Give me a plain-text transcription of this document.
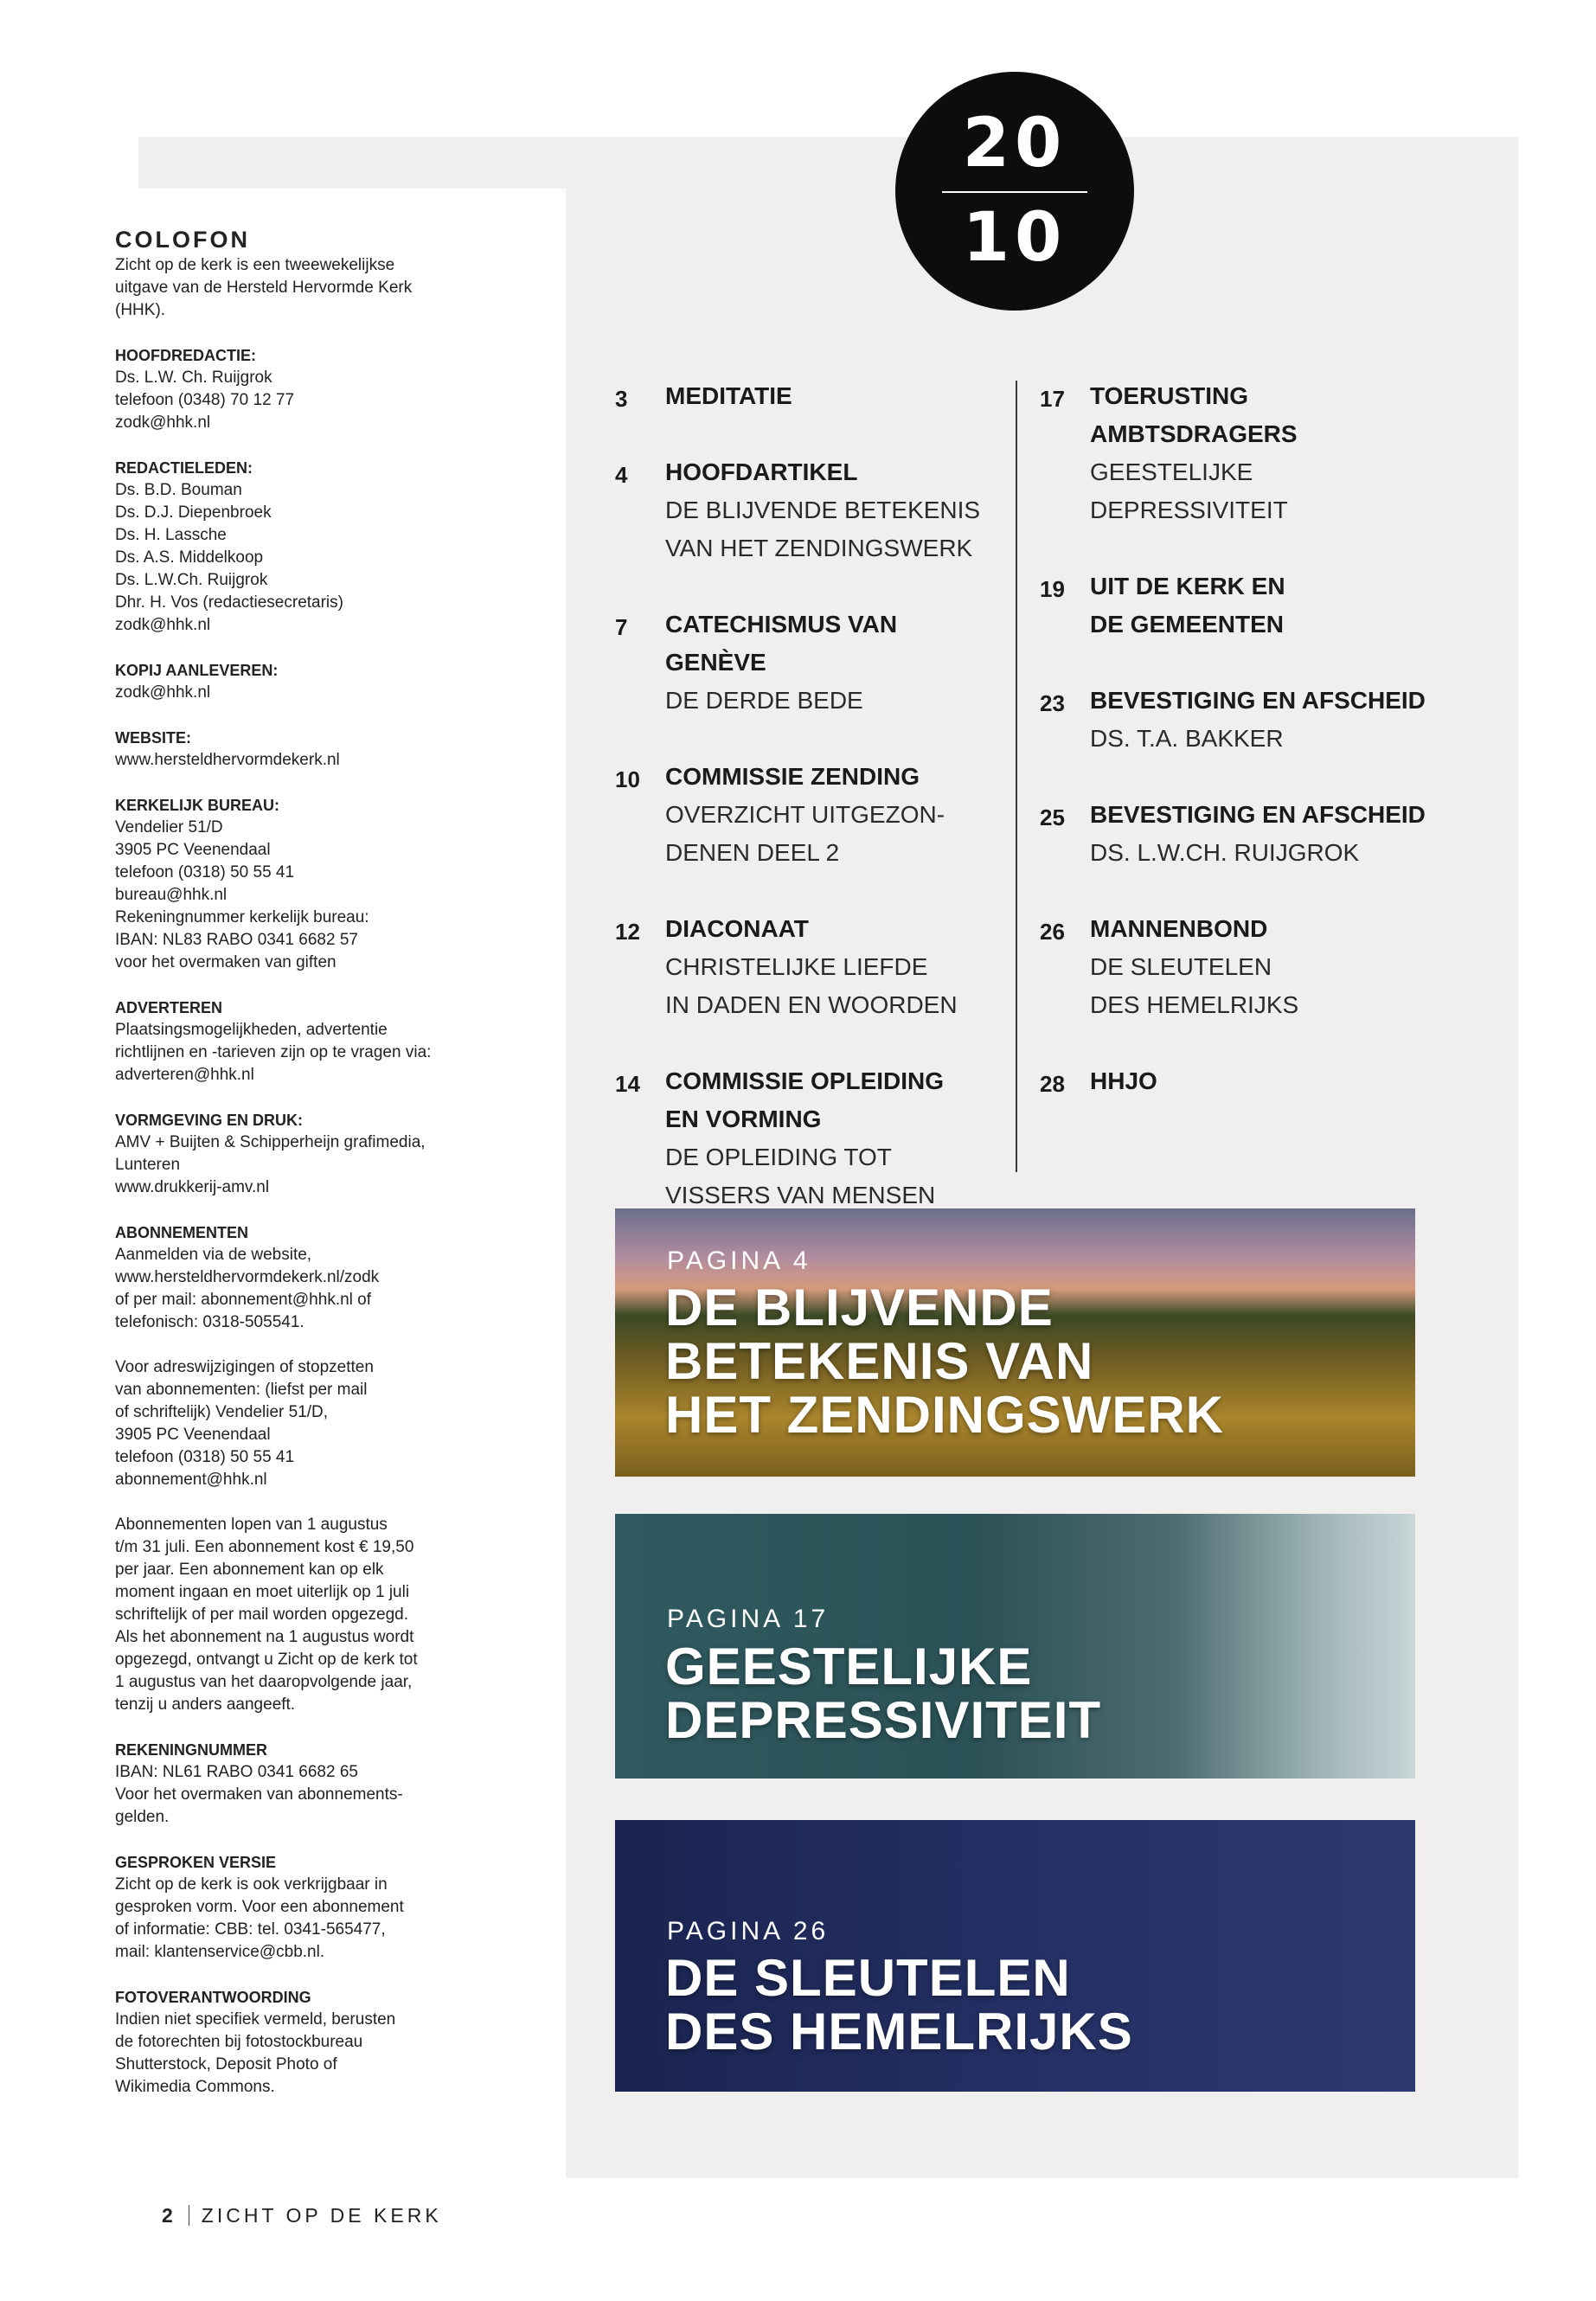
20
10
COLOFON
Zicht op de kerk is een tweewekelijkse
uitgave van de Hersteld Hervormde Kerk
(HHK).
HOOFDREDACTIE:
Ds. L.W. Ch. Ruijgrok
telefoon (0348) 70 12 77
zodk@hhk.nl
REDACTIELEDEN:
Ds. B.D. Bouman
Ds. D.J. Diepenbroek
Ds. H. Lassche
Ds. A.S. Middelkoop
Ds. L.W.Ch. Ruijgrok
Dhr. H. Vos (redactiesecretaris)
zodk@hhk.nl
KOPIJ AANLEVEREN:
zodk@hhk.nl
WEBSITE:
www.hersteldhervormdekerk.nl
KERKELIJK BUREAU:
Vendelier 51/D
3905 PC Veenendaal
telefoon (0318) 50 55 41
bureau@hhk.nl
Rekeningnummer kerkelijk bureau:
IBAN: NL83 RABO 0341 6682 57
voor het overmaken van giften
ADVERTEREN
Plaatsingsmogelijkheden, advertentie
richtlijnen en -tarieven zijn op te vragen via:
adverteren@hhk.nl
VORMGEVING EN DRUK:
AMV + Buijten & Schipperheijn grafimedia,
Lunteren
www.drukkerij-amv.nl
ABONNEMENTEN
Aanmelden via de website,
www.hersteldhervormdekerk.nl/zodk
of per mail: abonnement@hhk.nl of
telefonisch: 0318-505541.
Voor adreswijzigingen of stopzetten
van abonnementen: (liefst per mail
of schriftelijk) Vendelier 51/D,
3905 PC Veenendaal
telefoon (0318) 50 55 41
abonnement@hhk.nl
Abonnementen lopen van 1 augustus
t/m 31 juli. Een abonnement kost € 19,50
per jaar. Een abonnement kan op elk
moment ingaan en moet uiterlijk op 1 juli
schriftelijk of per mail worden opgezegd.
Als het abonnement na 1 augustus wordt
opgezegd, ontvangt u Zicht op de kerk tot
1 augustus van het daaropvolgende jaar,
tenzij u anders aangeeft.
REKENINGNUMMER
IBAN: NL61 RABO 0341 6682 65
Voor het overmaken van abonnements-
gelden.
GESPROKEN VERSIE
Zicht op de kerk is ook verkrijgbaar in
gesproken vorm. Voor een abonnement
of informatie: CBB: tel. 0341-565477,
mail: klantenservice@cbb.nl.
FOTOVERANTWOORDING
Indien niet specifiek vermeld, berusten
de fotorechten bij fotostockbureau
Shutterstock, Deposit Photo of
Wikimedia Commons.
3 MEDITATIE
4 HOOFDARTIKEL
DE BLIJVENDE BETEKENIS
VAN HET ZENDINGSWERK
7 CATECHISMUS VAN GENÈVE
DE DERDE BEDE
10 COMMISSIE ZENDING
OVERZICHT UITGEZON-
DENEN DEEL 2
12 DIACONAAT
CHRISTELIJKE LIEFDE
IN DADEN EN WOORDEN
14 COMMISSIE OPLEIDING
EN VORMING
DE OPLEIDING TOT
VISSERS VAN MENSEN
17 TOERUSTING
AMBTSDRAGERS
GEESTELIJKE
DEPRESSIVITEIT
19 UIT DE KERK EN
DE GEMEENTEN
23 BEVESTIGING EN AFSCHEID
DS. T.A. BAKKER
25 BEVESTIGING EN AFSCHEID
DS. L.W.CH. RUIJGROK
26 MANNENBOND
DE SLEUTELEN
DES HEMELRIJKS
28 HHJO
PAGINA 4
DE BLIJVENDE
BETEKENIS VAN
HET ZENDINGSWERK
PAGINA 17
GEESTELIJKE
DEPRESSIVITEIT
PAGINA 26
DE SLEUTELEN
DES HEMELRIJKS
2 ZICHT OP DE KERK
